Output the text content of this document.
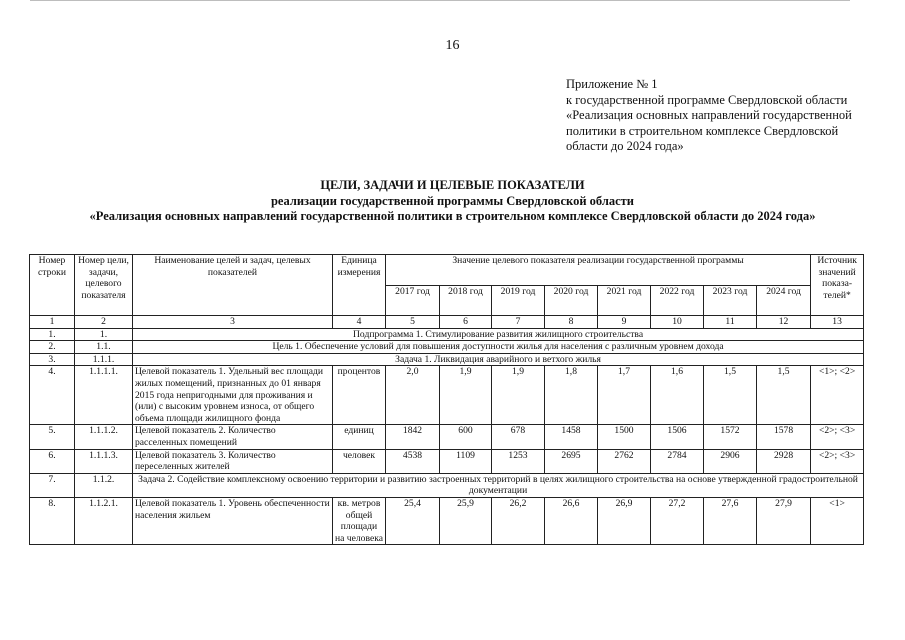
16
Приложение № 1
к государственной программе Свердловской области
«Реализация основных направлений государственной
политики в строительном комплексе Свердловской
области до 2024 года»
ЦЕЛИ, ЗАДАЧИ И ЦЕЛЕВЫЕ ПОКАЗАТЕЛИ
реализации государственной программы Свердловской области
«Реализация основных направлений государственной политики в строительном комплексе Свердловской области до 2024 года»
Номер строки	Номер цели, задачи, целевого показателя	Наименование целей и задач, целевых показателей	Единица измерения	Значение целевого показателя реализации государственной программы								Источник значений показа- телей*
				2017 год	2018 год	2019 год	2020 год	2021 год	2022 год	2023 год	2024 год	
1	2	3	4	5	6	7	8	9	10	11	12	13
1.	1.	Подпрограмма 1. Стимулирование развития жилищного строительства										
2.	1.1.	Цель 1. Обеспечение условий для повышения доступности жилья для населения с различным уровнем дохода										
3.	1.1.1.	Задача 1. Ликвидация аварийного и ветхого жилья										
4.	1.1.1.1.	Целевой показатель 1. Удельный вес площади жилых помещений, признанных до 01 января 2015 года непригодными для проживания и (или) с высоким уровнем износа, от общего объема площади жилищного фонда	процентов	2,0	1,9	1,9	1,8	1,7	1,6	1,5	1,5	<1>; <2>
5.	1.1.1.2.	Целевой показатель 2. Количество расселенных помещений	единиц	1842	600	678	1458	1500	1506	1572	1578	<2>; <3>
6.	1.1.1.3.	Целевой показатель 3. Количество переселенных жителей	человек	4538	1109	1253	2695	2762	2784	2906	2928	<2>; <3>
7.	1.1.2.	Задача 2. Содействие комплексному освоению территории и развитию застроенных территорий в целях жилищного строительства на основе утвержденной градостроительной документации										
8.	1.1.2.1.	Целевой показатель 1. Уровень обеспеченности населения жильем	кв. метров общей площади на человека	25,4	25,9	26,2	26,6	26,9	27,2	27,6	27,9	<1>
